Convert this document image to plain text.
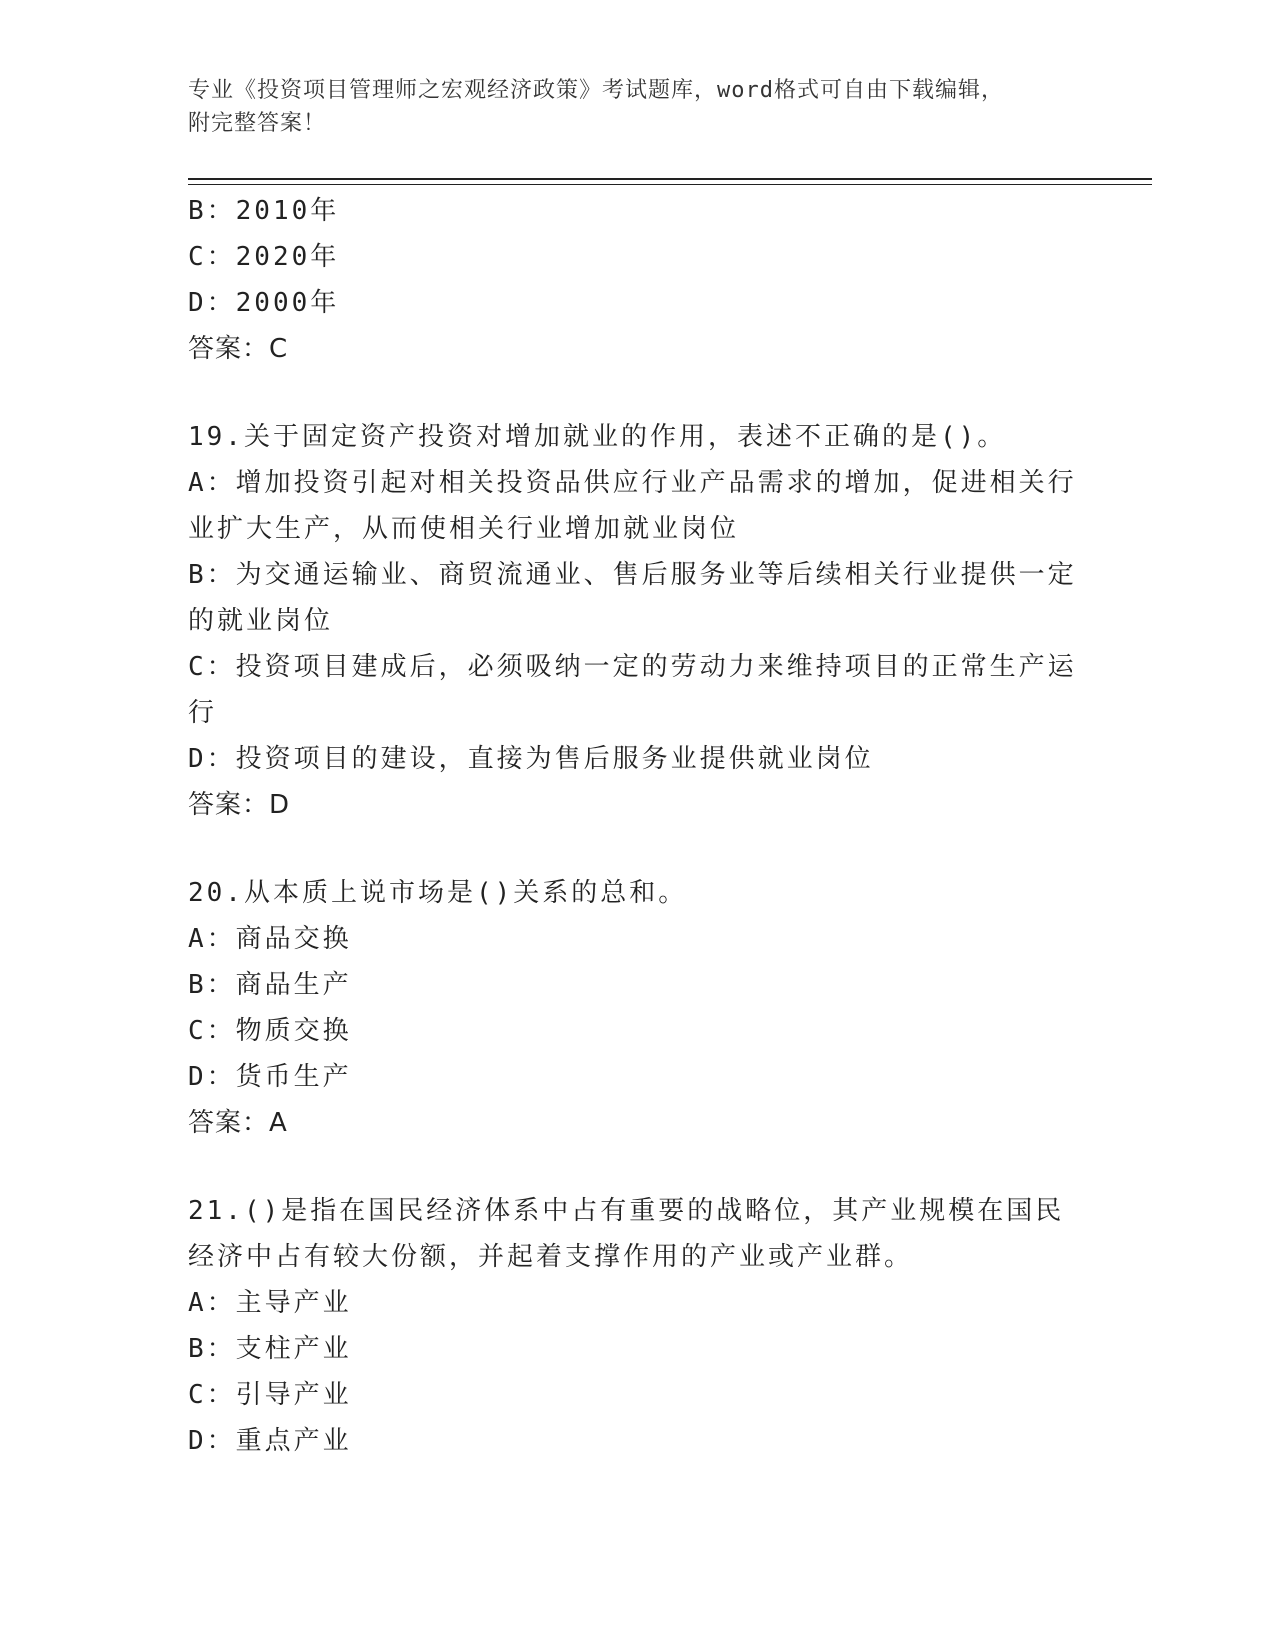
专业《投资项目管理师之宏观经济政策》考试题库，word格式可自由下载编辑，
附完整答案！
B：2010年
C：2020年
D：2000年
答案：C
19.关于固定资产投资对增加就业的作用，表述不正确的是()。
A：增加投资引起对相关投资品供应行业产品需求的增加，促进相关行业扩大生产，从而使相关行业增加就业岗位
B：为交通运输业、商贸流通业、售后服务业等后续相关行业提供一定的就业岗位
C：投资项目建成后，必须吸纳一定的劳动力来维持项目的正常生产运行
D：投资项目的建设，直接为售后服务业提供就业岗位
答案：D
20.从本质上说市场是()关系的总和。
A：商品交换
B：商品生产
C：物质交换
D：货币生产
答案：A
21.()是指在国民经济体系中占有重要的战略位，其产业规模在国民经济中占有较大份额，并起着支撑作用的产业或产业群。
A：主导产业
B：支柱产业
C：引导产业
D：重点产业
